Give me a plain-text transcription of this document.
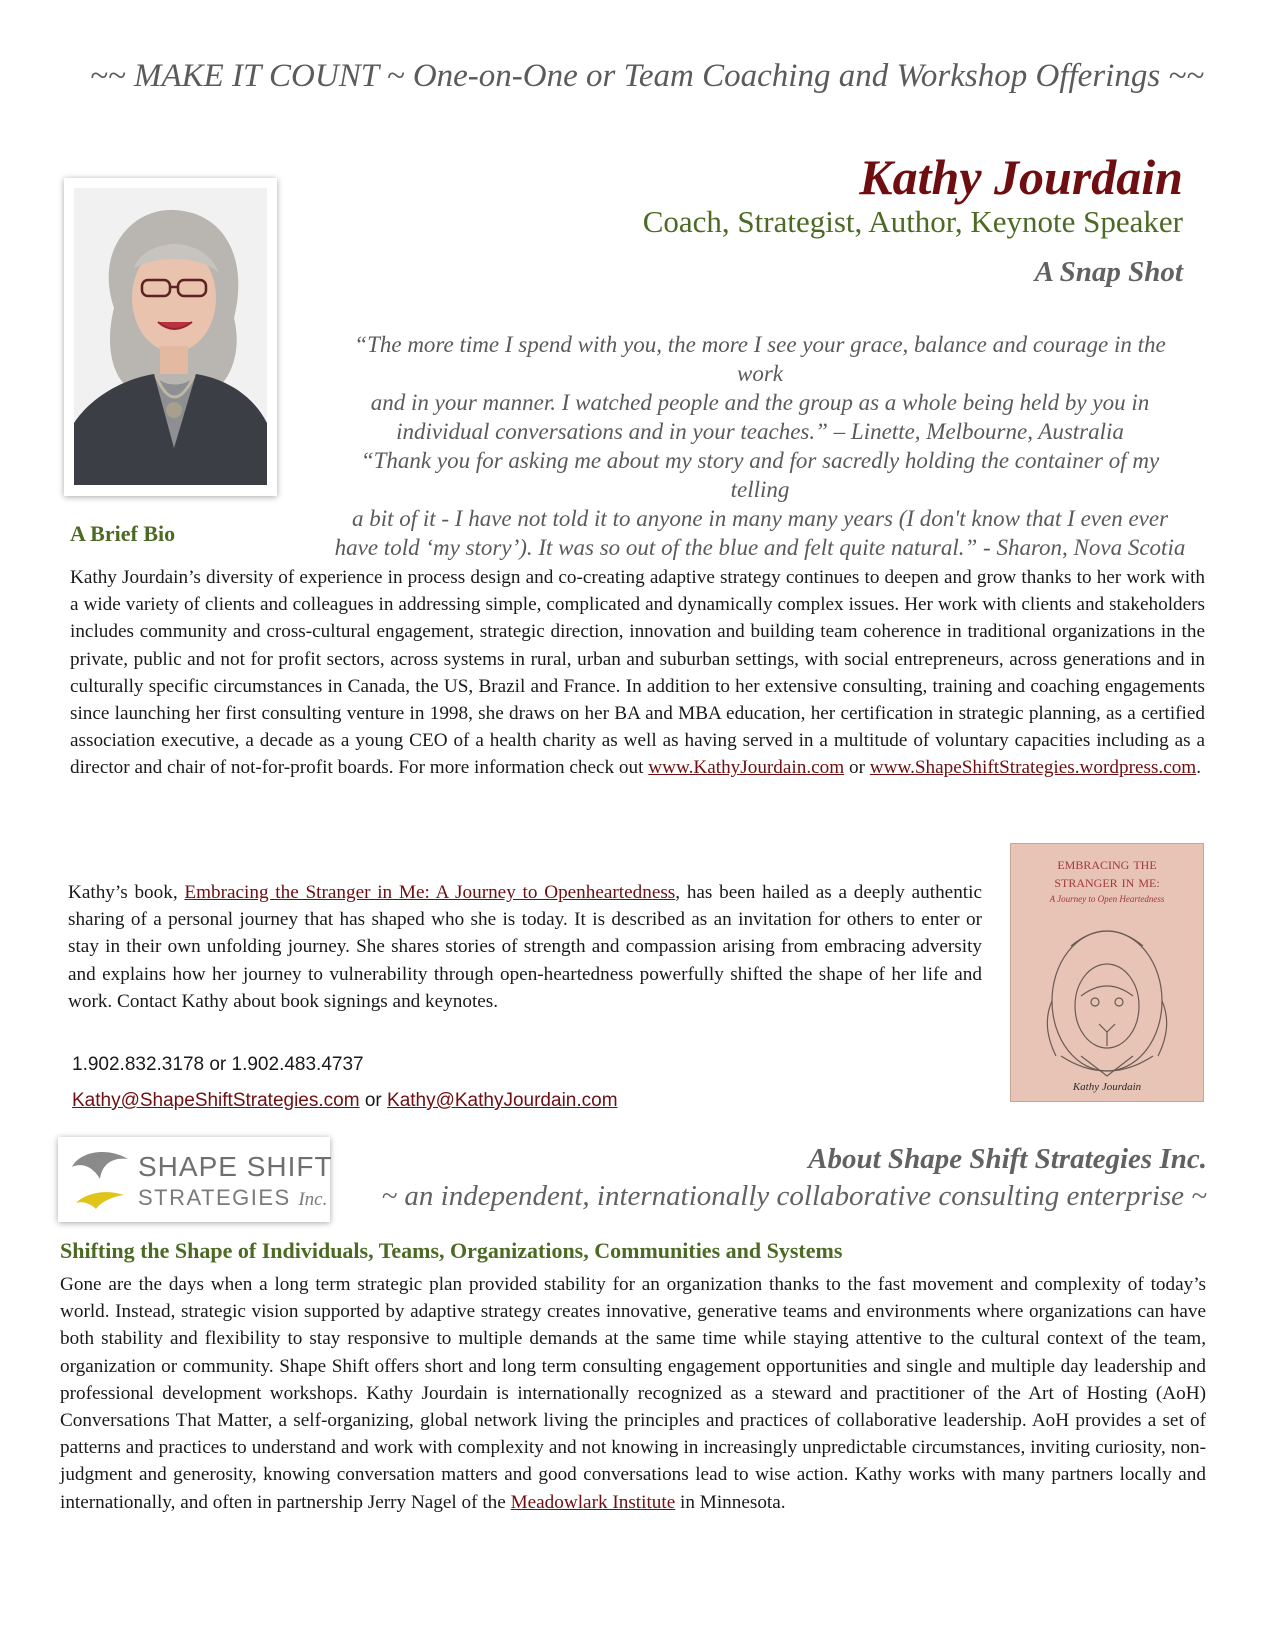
~~ MAKE IT COUNT ~ One-on-One or Team Coaching and Workshop Offerings ~~
Kathy Jourdain
Coach, Strategist, Author, Keynote Speaker
A Snap Shot
“The more time I spend with you, the more I see your grace, balance and courage in the work
and in your manner. I watched people and the group as a whole being held by you in
individual conversations and in your teaches.” – Linette, Melbourne, Australia
“Thank you for asking me about my story and for sacredly holding the container of my telling
a bit of it - I have not told it to anyone in many many years (I don't know that I even ever
have told ‘my story’). It was so out of the blue and felt quite natural.” - Sharon, Nova Scotia
A Brief Bio
Kathy Jourdain’s diversity of experience in process design and co-creating adaptive strategy continues to deepen and grow thanks to her work with a wide variety of clients and colleagues in addressing simple, complicated and dynamically complex issues. Her work with clients and stakeholders includes community and cross-cultural engagement, strategic direction, innovation and building team coherence in traditional organizations in the private, public and not for profit sectors, across systems in rural, urban and suburban settings, with social entrepreneurs, across generations and in culturally specific circumstances in Canada, the US, Brazil and France. In addition to her extensive consulting, training and coaching engagements since launching her first consulting venture in 1998, she draws on her BA and MBA education, her certification in strategic planning, as a certified association executive, a decade as a young CEO of a health charity as well as having served in a multitude of voluntary capacities including as a director and chair of not-for-profit boards. For more information check out www.KathyJourdain.com or www.ShapeShiftStrategies.wordpress.com.
Kathy’s book, Embracing the Stranger in Me: A Journey to Openheartedness, has been hailed as a deeply authentic sharing of a personal journey that has shaped who she is today. It is described as an invitation for others to enter or stay in their own unfolding journey. She shares stories of strength and compassion arising from embracing adversity and explains how her journey to vulnerability through open-heartedness powerfully shifted the shape of her life and work. Contact Kathy about book signings and keynotes.
EMBRACING THE
STRANGER IN ME:
A Journey to Open Heartedness
Kathy Jourdain
1.902.832.3178 or 1.902.483.4737
Kathy@ShapeShiftStrategies.com or Kathy@KathyJourdain.com
SHAPE SHIFT
STRATEGIES Inc.
About Shape Shift Strategies Inc.
~ an independent, internationally collaborative consulting enterprise ~
Shifting the Shape of Individuals, Teams, Organizations, Communities and Systems
Gone are the days when a long term strategic plan provided stability for an organization thanks to the fast movement and complexity of today’s world. Instead, strategic vision supported by adaptive strategy creates innovative, generative teams and environments where organizations can have both stability and flexibility to stay responsive to multiple demands at the same time while staying attentive to the cultural context of the team, organization or community. Shape Shift offers short and long term consulting engagement opportunities and single and multiple day leadership and professional development workshops. Kathy Jourdain is internationally recognized as a steward and practitioner of the Art of Hosting (AoH) Conversations That Matter, a self-organizing, global network living the principles and practices of collaborative leadership. AoH provides a set of patterns and practices to understand and work with complexity and not knowing in increasingly unpredictable circumstances, inviting curiosity, non-judgment and generosity, knowing conversation matters and good conversations lead to wise action. Kathy works with many partners locally and internationally, and often in partnership Jerry Nagel of the Meadowlark Institute in Minnesota.
